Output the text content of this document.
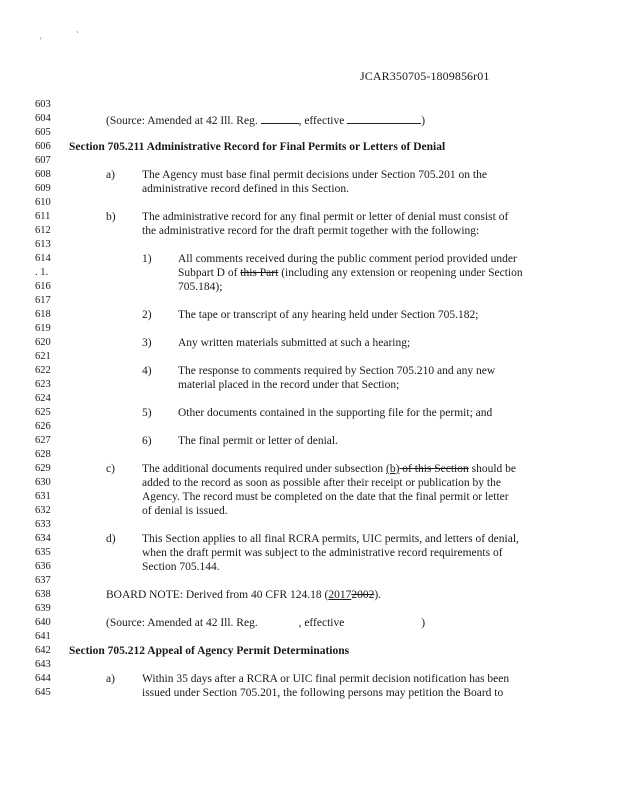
'
`
JCAR350705-1809856r01
603
604	(Source: Amended at 42 Ill. Reg.	, effective	)
605
606	Section 705.211 Administrative Record for Final Permits or Letters of Denial
607
608	a) The Agency must base final permit decisions under Section 705.201 on the
609	administrative record defined in this Section.
610
611	b) The administrative record for any final permit or letter of denial must consist of
612	the administrative record for the draft permit together with the following:
613
614	1) All comments received during the public comment period provided under
. 1.	Subpart D of this Part (including any extension or reopening under Section
616	705.184);
617
618	2) The tape or transcript of any hearing held under Section 705.182;
619
620	3) Any written materials submitted at such a hearing;
621
622	4) The response to comments required by Section 705.210 and any new
623	material placed in the record under that Section;
624
625	5) Other documents contained in the supporting file for the permit; and
626
627	6) The final permit or letter of denial.
628
629	c) The additional documents required under subsection (b) of this Section should be
630	added to the record as soon as possible after their receipt or publication by the
631	Agency. The record must be completed on the date that the final permit or letter
632	of denial is issued.
633
634	d) This Section applies to all final RCRA permits, UIC permits, and letters of denial,
635	when the draft permit was subject to the administrative record requirements of
636	Section 705.144.
637
638	BOARD NOTE: Derived from 40 CFR 124.18 (20172002).
639
640	(Source: Amended at 42 Ill. Reg.	, effective	)
641
642	Section 705.212 Appeal of Agency Permit Determinations
643
644	a) Within 35 days after a RCRA or UIC final permit decision notification has been
645	issued under Section 705.201, the following persons may petition the Board to
